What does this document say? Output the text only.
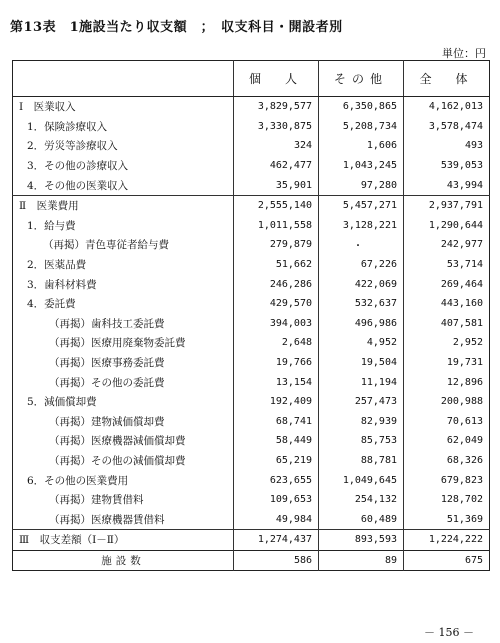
第13表　1施設当たり収支額　；　収支科目・開設者別
単位：円
	個　人	その他	全　体
Ⅰ　医業収入	3,829,577	6,350,865	4,162,013
1．保険診療収入	3,330,875	5,208,734	3,578,474
2．労災等診療収入	324	1,606	493
3．その他の診療収入	462,477	1,043,245	539,053
4．その他の医業収入	35,901	97,280	43,994
Ⅱ　医業費用	2,555,140	5,457,271	2,937,791
1．給与費	1,011,558	3,128,221	1,290,644
（再掲）青色専従者給与費	279,879	・	242,977
2．医薬品費	51,662	67,226	53,714
3．歯科材料費	246,286	422,069	269,464
4．委託費	429,570	532,637	443,160
（再掲）歯科技工委託費	394,003	496,986	407,581
（再掲）医療用廃棄物委託費	2,648	4,952	2,952
（再掲）医療事務委託費	19,766	19,504	19,731
（再掲）その他の委託費	13,154	11,194	12,896
5．減価償却費	192,409	257,473	200,988
（再掲）建物減価償却費	68,741	82,939	70,613
（再掲）医療機器減価償却費	58,449	85,753	62,049
（再掲）その他の減価償却費	65,219	88,781	68,326
6．その他の医業費用	623,655	1,049,645	679,823
（再掲）建物賃借料	109,653	254,132	128,702
（再掲）医療機器賃借料	49,984	60,489	51,369
Ⅲ　収支差額（Ⅰ－Ⅱ）	1,274,437	893,593	1,224,222
施設数	586	89	675
－ 156 －
